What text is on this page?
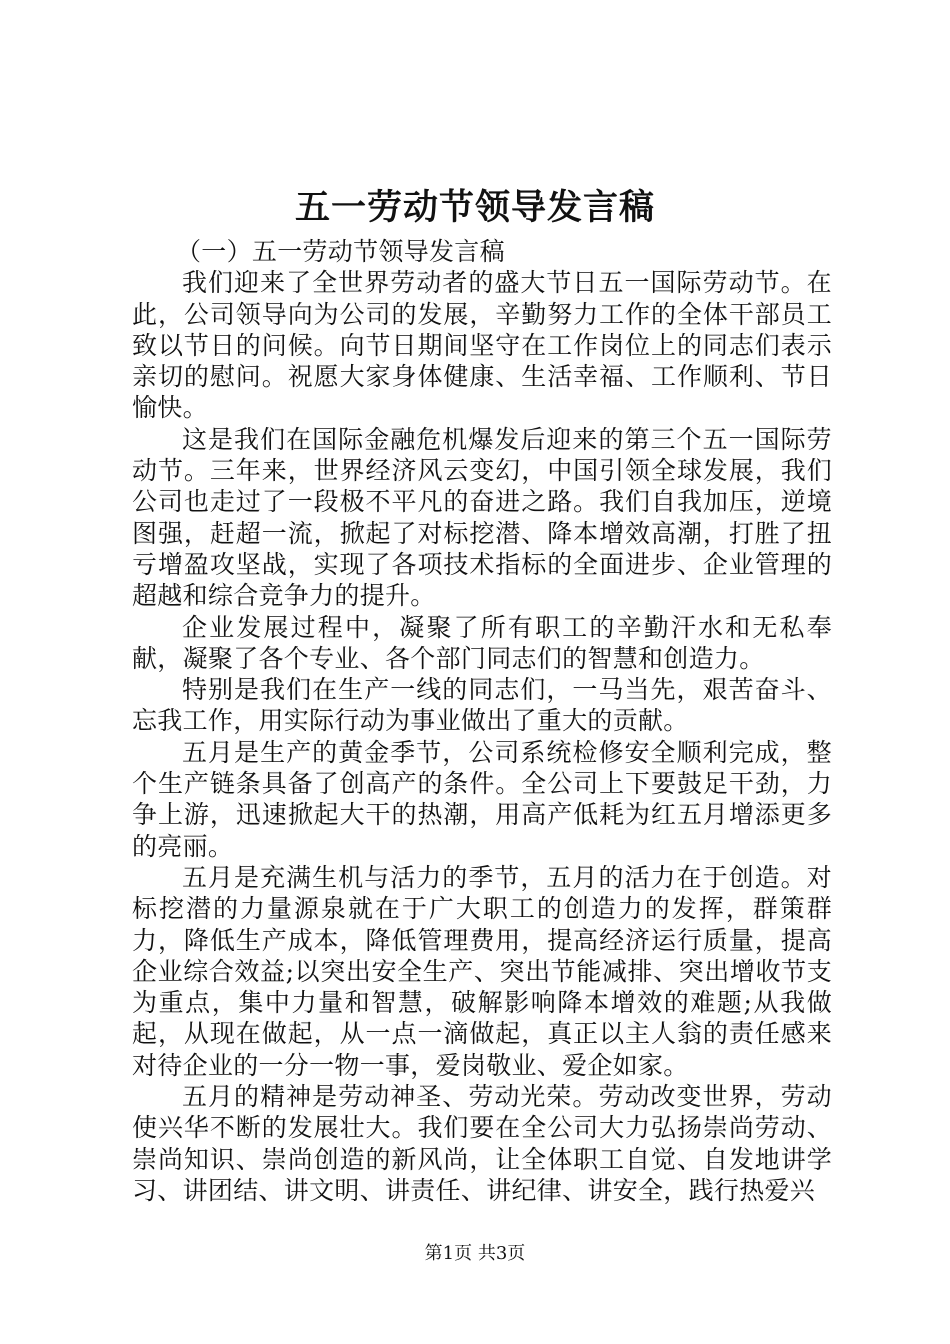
五一劳动节领导发言稿

（一）五一劳动节领导发言稿

我们迎来了全世界劳动者的盛大节日五一国际劳动节。在此，公司领导向为公司的发展，辛勤努力工作的全体干部员工致以节日的问候。向节日期间坚守在工作岗位上的同志们表示亲切的慰问。祝愿大家身体健康、生活幸福、工作顺利、节日愉快。

这是我们在国际金融危机爆发后迎来的第三个五一国际劳动节。三年来，世界经济风云变幻，中国引领全球发展，我们公司也走过了一段极不平凡的奋进之路。我们自我加压，逆境图强，赶超一流，掀起了对标挖潜、降本增效高潮，打胜了扭亏增盈攻坚战，实现了各项技术指标的全面进步、企业管理的超越和综合竞争力的提升。

企业发展过程中，凝聚了所有职工的辛勤汗水和无私奉献，凝聚了各个专业、各个部门同志们的智慧和创造力。

特别是我们在生产一线的同志们，一马当先，艰苦奋斗、忘我工作，用实际行动为事业做出了重大的贡献。

五月是生产的黄金季节，公司系统检修安全顺利完成，整个生产链条具备了创高产的条件。全公司上下要鼓足干劲，力争上游，迅速掀起大干的热潮，用高产低耗为红五月增添更多的亮丽。

五月是充满生机与活力的季节，五月的活力在于创造。对标挖潜的力量源泉就在于广大职工的创造力的发挥，群策群力，降低生产成本，降低管理费用，提高经济运行质量，提高企业综合效益;以突出安全生产、突出节能减排、突出增收节支为重点，集中力量和智慧，破解影响降本增效的难题;从我做起，从现在做起，从一点一滴做起，真正以主人翁的责任感来对待企业的一分一物一事，爱岗敬业、爱企如家。

五月的精神是劳动神圣、劳动光荣。劳动改变世界，劳动使兴华不断的发展壮大。我们要在全公司大力弘扬崇尚劳动、崇尚知识、崇尚创造的新风尚，让全体职工自觉、自发地讲学习、讲团结、讲文明、讲责任、讲纪律、讲安全，践行热爱兴

第1页 共3页
